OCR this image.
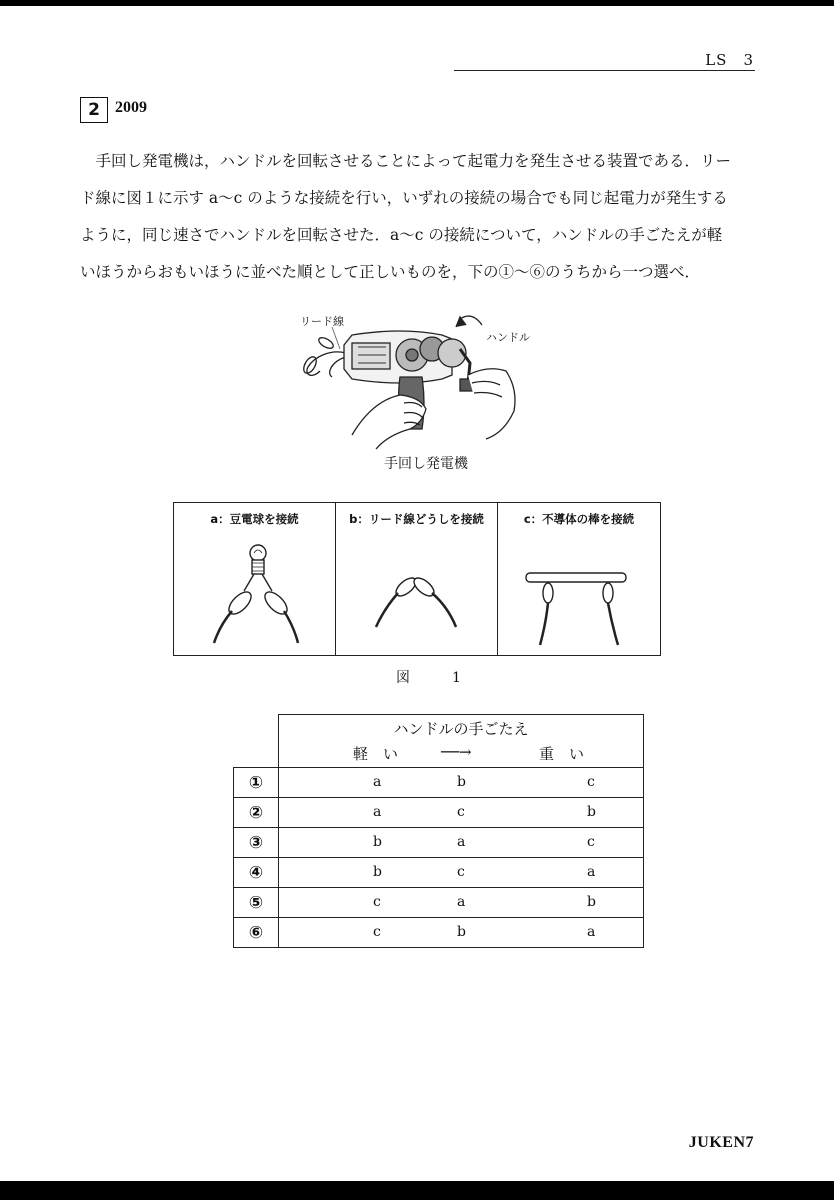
LS　3
2 2009

　手回し発電機は，ハンドルを回転させることによって起電力を発生させる装置である．リー

ド線に図１に示す a〜c のような接続を行い，いずれの接続の場合でも同じ起電力が発生する

ように，同じ速さでハンドルを回転させた．a〜c の接続について，ハンドルの手ごたえが軽

いほうからおもいほうに並べた順として正しいものを，下の①〜⑥のうちから一つ選べ．

リード線
ハンドル
手回し発電機
a：豆電球を接続	b：リード線どうしを接続	c：不導体の棒を接続
図　1
	ハンドルの手ごたえ

	軽　い ──→ 重　い

①	a b c

②	a c b

③	b a c

④	b c a

⑤	c a b

⑥	c b a
JUKEN7
